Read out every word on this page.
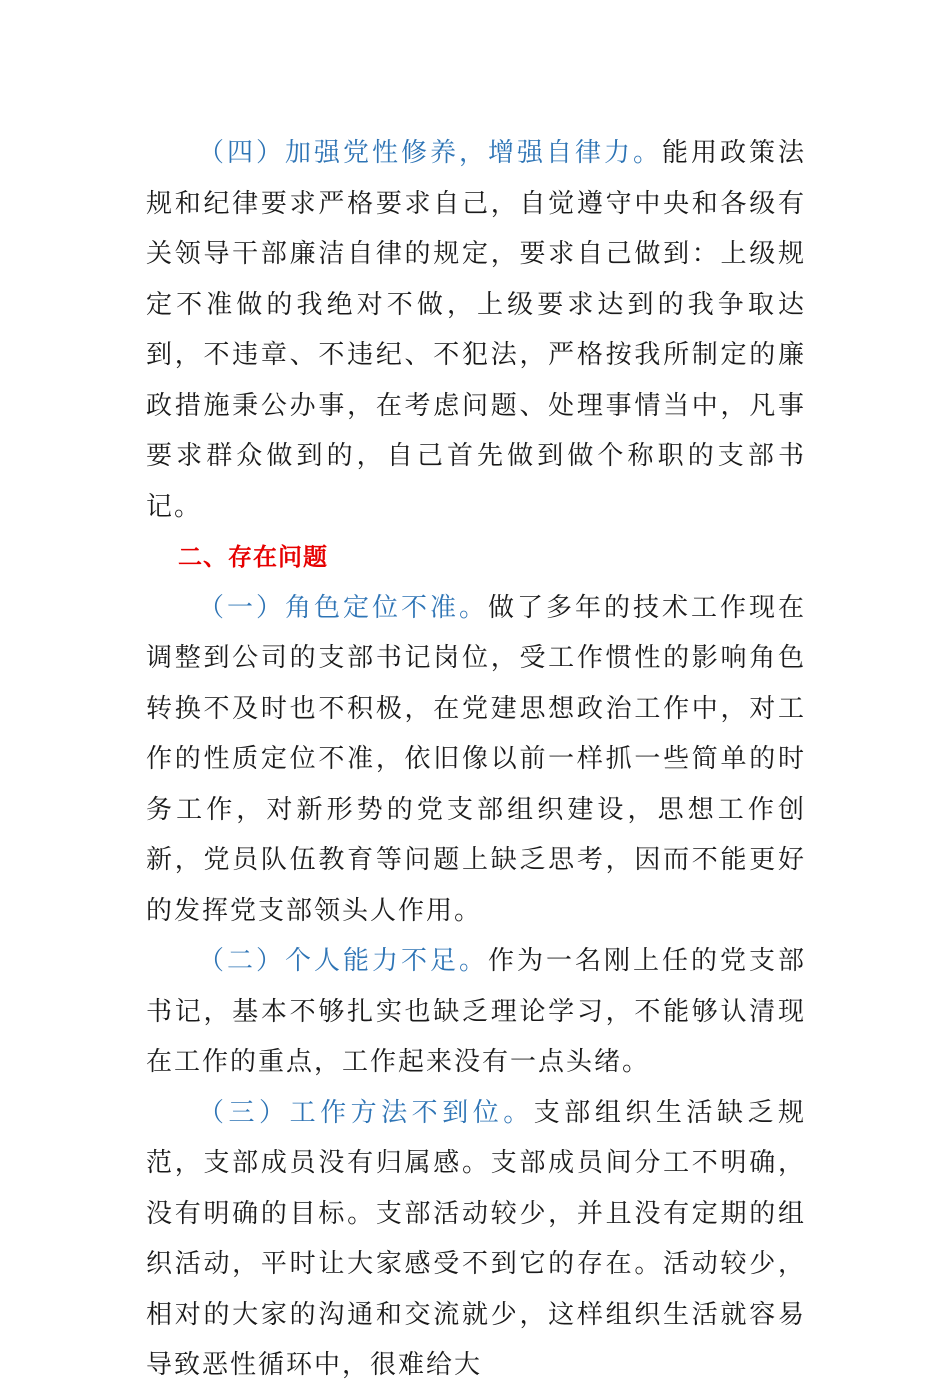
（四）加强党性修养，增强自律力。能用政策法规和纪律要求严格要求自己，自觉遵守中央和各级有关领导干部廉洁自律的规定，要求自己做到：上级规定不准做的我绝对不做，上级要求达到的我争取达到，不违章、不违纪、不犯法，严格按我所制定的廉政措施秉公办事，在考虑问题、处理事情当中，凡事要求群众做到的，自己首先做到做个称职的支部书记。

二、存在问题

（一）角色定位不准。做了多年的技术工作现在调整到公司的支部书记岗位，受工作惯性的影响角色转换不及时也不积极，在党建思想政治工作中，对工作的性质定位不准，依旧像以前一样抓一些简单的时务工作，对新形势的党支部组织建设，思想工作创新，党员队伍教育等问题上缺乏思考，因而不能更好的发挥党支部领头人作用。

（二）个人能力不足。作为一名刚上任的党支部书记，基本不够扎实也缺乏理论学习，不能够认清现在工作的重点，工作起来没有一点头绪。

（三）工作方法不到位。支部组织生活缺乏规范，支部成员没有归属感。支部成员间分工不明确，没有明确的目标。支部活动较少，并且没有定期的组织活动，平时让大家感受不到它的存在。活动较少，相对的大家的沟通和交流就少，这样组织生活就容易导致恶性循环中，很难给大
